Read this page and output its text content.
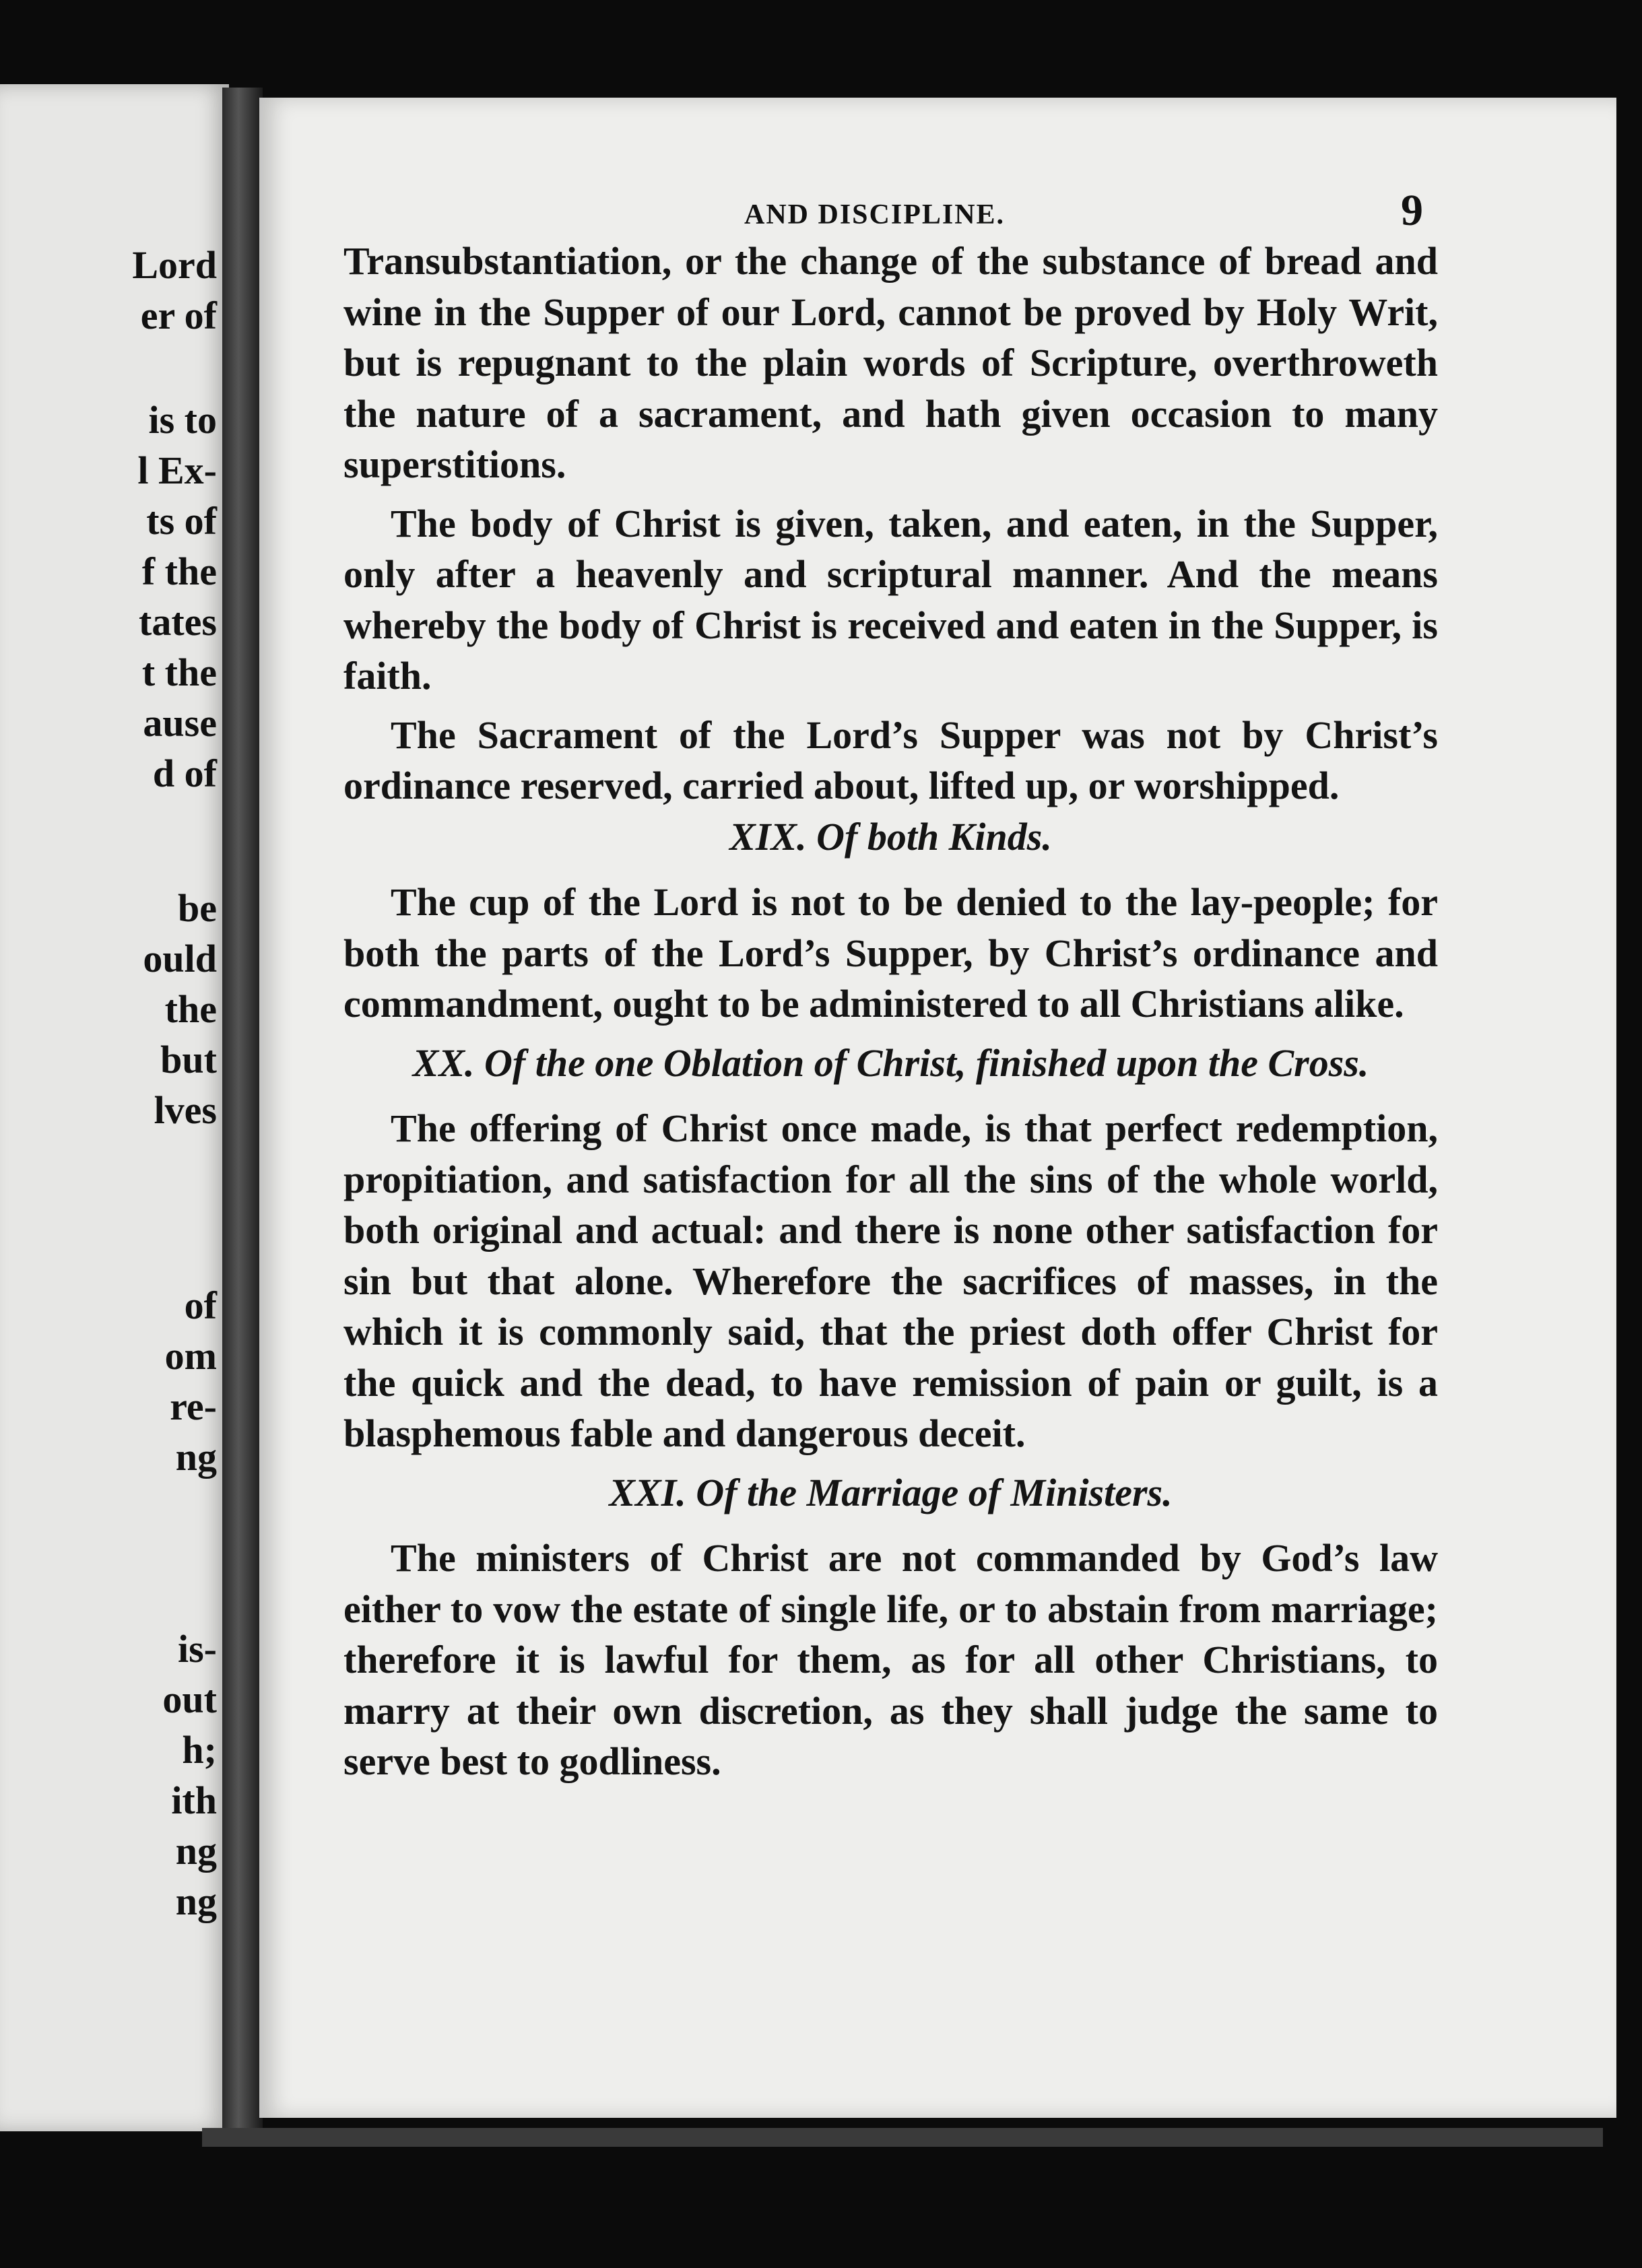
Lord
er of
is to
l Ex-
ts of
f the
tates
t the
ause
d of
be
ould
the
but
lves
of
om
re-
ng
is-
out
h;
ith
ng
ng
AND DISCIPLINE.	9

Transubstantiation, or the change of the substance of bread and wine in the Supper of our Lord, cannot be proved by Holy Writ, but is repugnant to the plain words of Scripture, overthroweth the nature of a sacrament, and hath given occasion to many superstitions.

The body of Christ is given, taken, and eaten, in the Supper, only after a heavenly and scriptural manner. And the means whereby the body of Christ is received and eaten in the Supper, is faith.

The Sacrament of the Lord’s Supper was not by Christ’s ordinance reserved, carried about, lifted up, or worshipped.

XIX. Of both Kinds.

The cup of the Lord is not to be denied to the lay-people; for both the parts of the Lord’s Supper, by Christ’s ordinance and commandment, ought to be administered to all Christians alike.

XX. Of the one Oblation of Christ, finished upon the Cross.

The offering of Christ once made, is that perfect redemption, propitiation, and satisfaction for all the sins of the whole world, both original and actual: and there is none other satisfaction for sin but that alone. Wherefore the sacrifices of masses, in the which it is commonly said, that the priest doth offer Christ for the quick and the dead, to have remission of pain or guilt, is a blasphemous fable and dangerous deceit.

XXI. Of the Marriage of Ministers.

The ministers of Christ are not commanded by God’s law either to vow the estate of single life, or to abstain from marriage; therefore it is lawful for them, as for all other Christians, to marry at their own discretion, as they shall judge the same to serve best to godliness.
